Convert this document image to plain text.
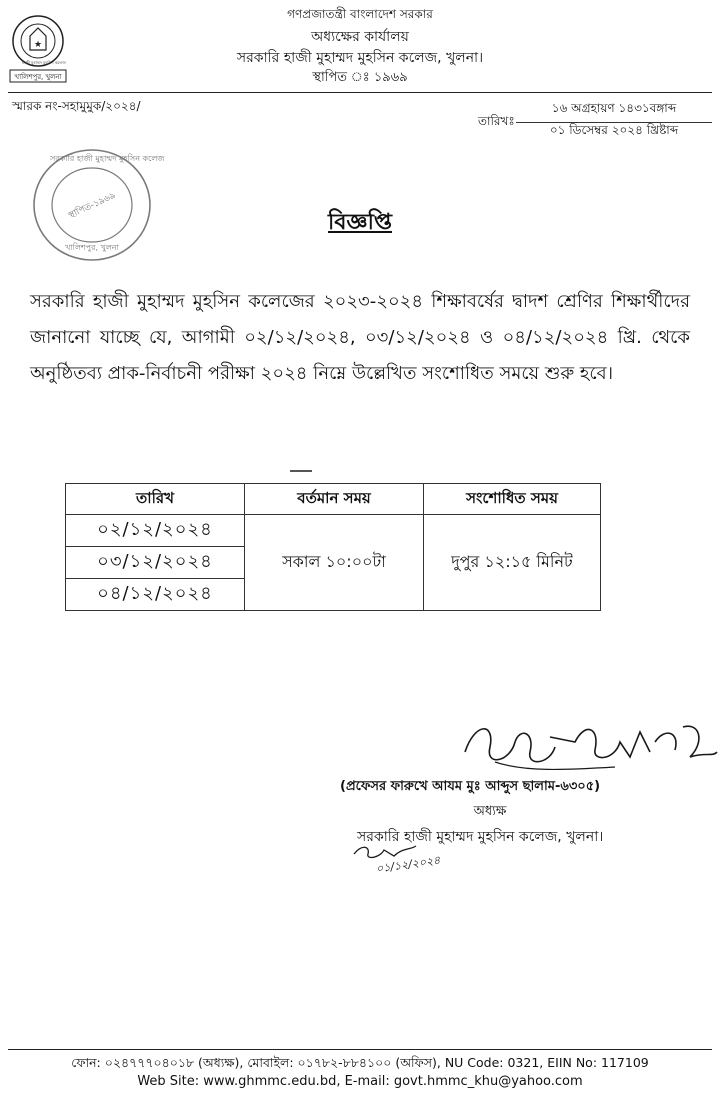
★
হাজী মুহাম্মদ মুহসিন কলেজ
খালিশপুর, খুলনা
গণপ্রজাতন্ত্রী বাংলাদেশ সরকার
অধ্যক্ষের কার্যালয়
সরকারি হাজী মুহাম্মদ মুহসিন কলেজ, খুলনা।
স্থাপিত ঃ ১৯৬৯
স্মারক নং-সহামুমুক/২০২৪/
তারিখঃ
১৬ অগ্রহায়ণ ১৪৩১বঙ্গাব্দ
০১ ডিসেম্বর ২০২৪ খ্রিষ্টাব্দ
সরকারি হাজী মুহাম্মদ মুহসিন কলেজ
স্থাপিত-১৯৬৯
খালিশপুর, খুলনা
বিজ্ঞপ্তি
সরকারি হাজী মুহাম্মদ মুহসিন কলেজের ২০২৩-২০২৪ শিক্ষাবর্ষের দ্বাদশ শ্রেণির শিক্ষার্থীদের জানানো যাচ্ছে যে, আগামী ০২/১২/২০২৪, ০৩/১২/২০২৪ ও ০৪/১২/২০২৪ খ্রি. থেকে অনুষ্ঠিতব্য প্রাক-নির্বাচনী পরীক্ষা ২০২৪ নিম্নে উল্লেখিত সংশোধিত সময়ে শুরু হবে।
তারিখ	বর্তমান সময়	সংশোধিত সময়
০২/১২/২০২৪	সকাল ১০:০০টা	দুপুর ১২:১৫ মিনিট
০৩/১২/২০২৪		
০৪/১২/২০২৪		
(প্রফেসর ফারুখে আযম মুঃ আব্দুস ছালাম-৬৩০৫)
অধ্যক্ষ
সরকারি হাজী মুহাম্মদ মুহসিন কলেজ, খুলনা।
০১/১২/২০২৪
ফোন: ০২৪৭৭৭০৪০১৮ (অধ্যক্ষ), মোবাইল: ০১৭৮২-৮৮৪১০০ (অফিস), NU Code: 0321, EIIN No: 117109
Web Site: www.ghmmc.edu.bd, E-mail: govt.hmmc_khu@yahoo.com
